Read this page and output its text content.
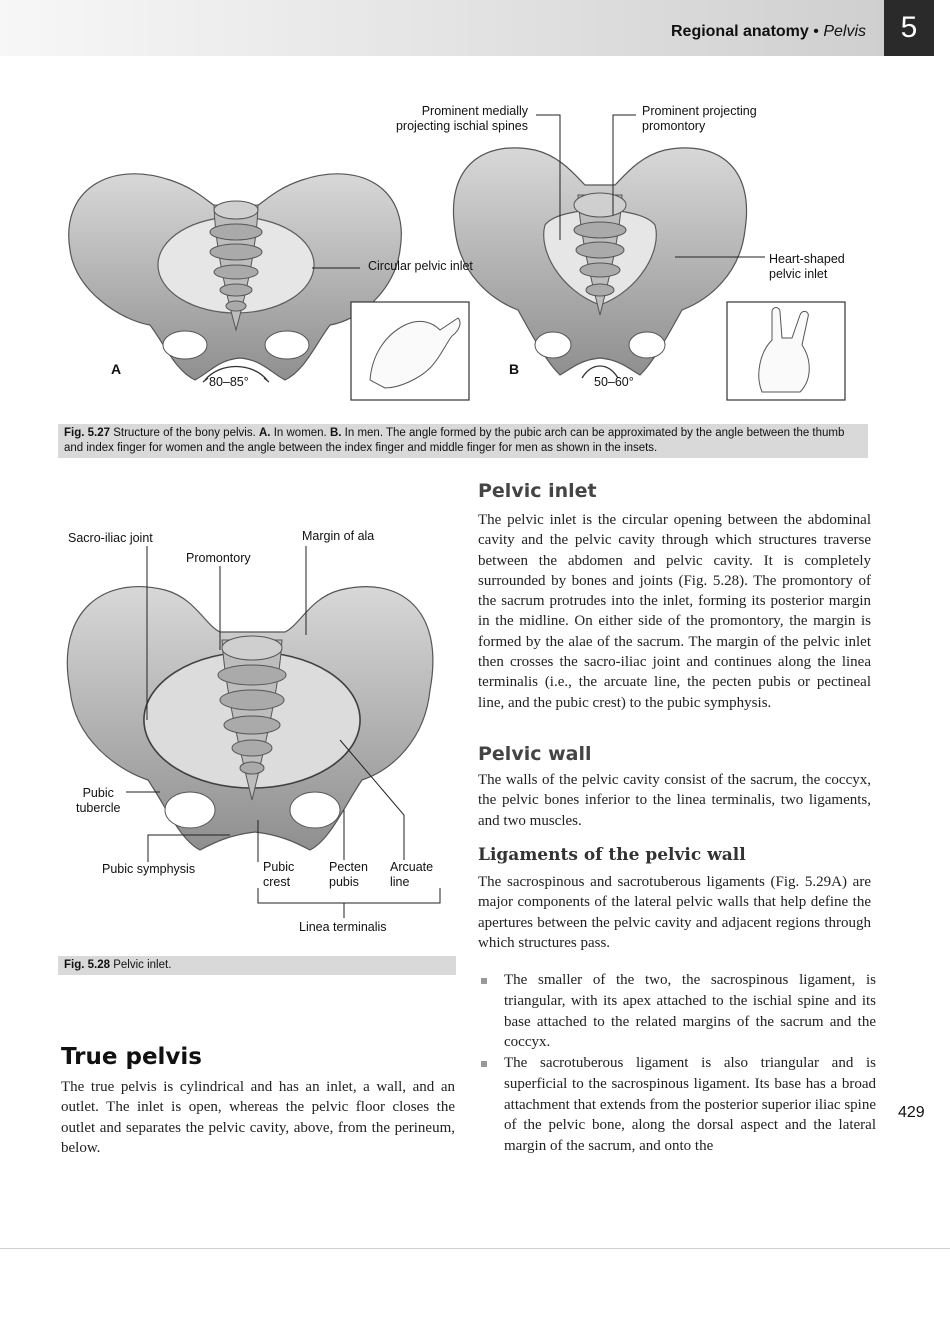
Regional anatomy • Pelvis	5
Prominent medially
projecting ischial spines
Prominent projecting
promontory
Circular pelvic inlet	Heart-shaped
pelvic inlet
A	B
80–85°	50–60°
Fig. 5.27 Structure of the bony pelvis. A. In women. B. In men. The angle formed by the pubic arch can be approximated by the angle between the thumb and index finger for women and the angle between the index finger and middle finger for men as shown in the insets.
Sacro-iliac joint	Margin of ala
Promontory
Pubic
tubercle
Pubic symphysis	Pubic
crest
Pecten
pubis
Arcuate
line
Linea terminalis
Fig. 5.28 Pelvic inlet.
Pelvic inlet

The pelvic inlet is the circular opening between the abdominal cavity and the pelvic cavity through which structures traverse between the abdomen and pelvic cavity. It is completely surrounded by bones and joints (Fig. 5.28). The promontory of the sacrum protrudes into the inlet, forming its posterior margin in the midline. On either side of the promontory, the margin is formed by the alae of the sacrum. The margin of the pelvic inlet then crosses the sacro-iliac joint and continues along the linea terminalis (i.e., the arcuate line, the pecten pubis or pectineal line, and the pubic crest) to the pubic symphysis.

Pelvic wall

The walls of the pelvic cavity consist of the sacrum, the coccyx, the pelvic bones inferior to the linea terminalis, two ligaments, and two muscles.

Ligaments of the pelvic wall

The sacrospinous and sacrotuberous ligaments (Fig. 5.29A) are major components of the lateral pelvic walls that help define the apertures between the pelvic cavity and adjacent regions through which structures pass.

The smaller of the two, the sacrospinous ligament, is triangular, with its apex attached to the ischial spine and its base attached to the related margins of the sacrum and the coccyx.
The sacrotuberous ligament is also triangular and is superficial to the sacrospinous ligament. Its base has a broad attachment that extends from the posterior superior iliac spine of the pelvic bone, along the dorsal aspect and the lateral margin of the sacrum, and onto the
True pelvis

The true pelvis is cylindrical and has an inlet, a wall, and an outlet. The inlet is open, whereas the pelvic floor closes the outlet and separates the pelvic cavity, above, from the perineum, below.

429
